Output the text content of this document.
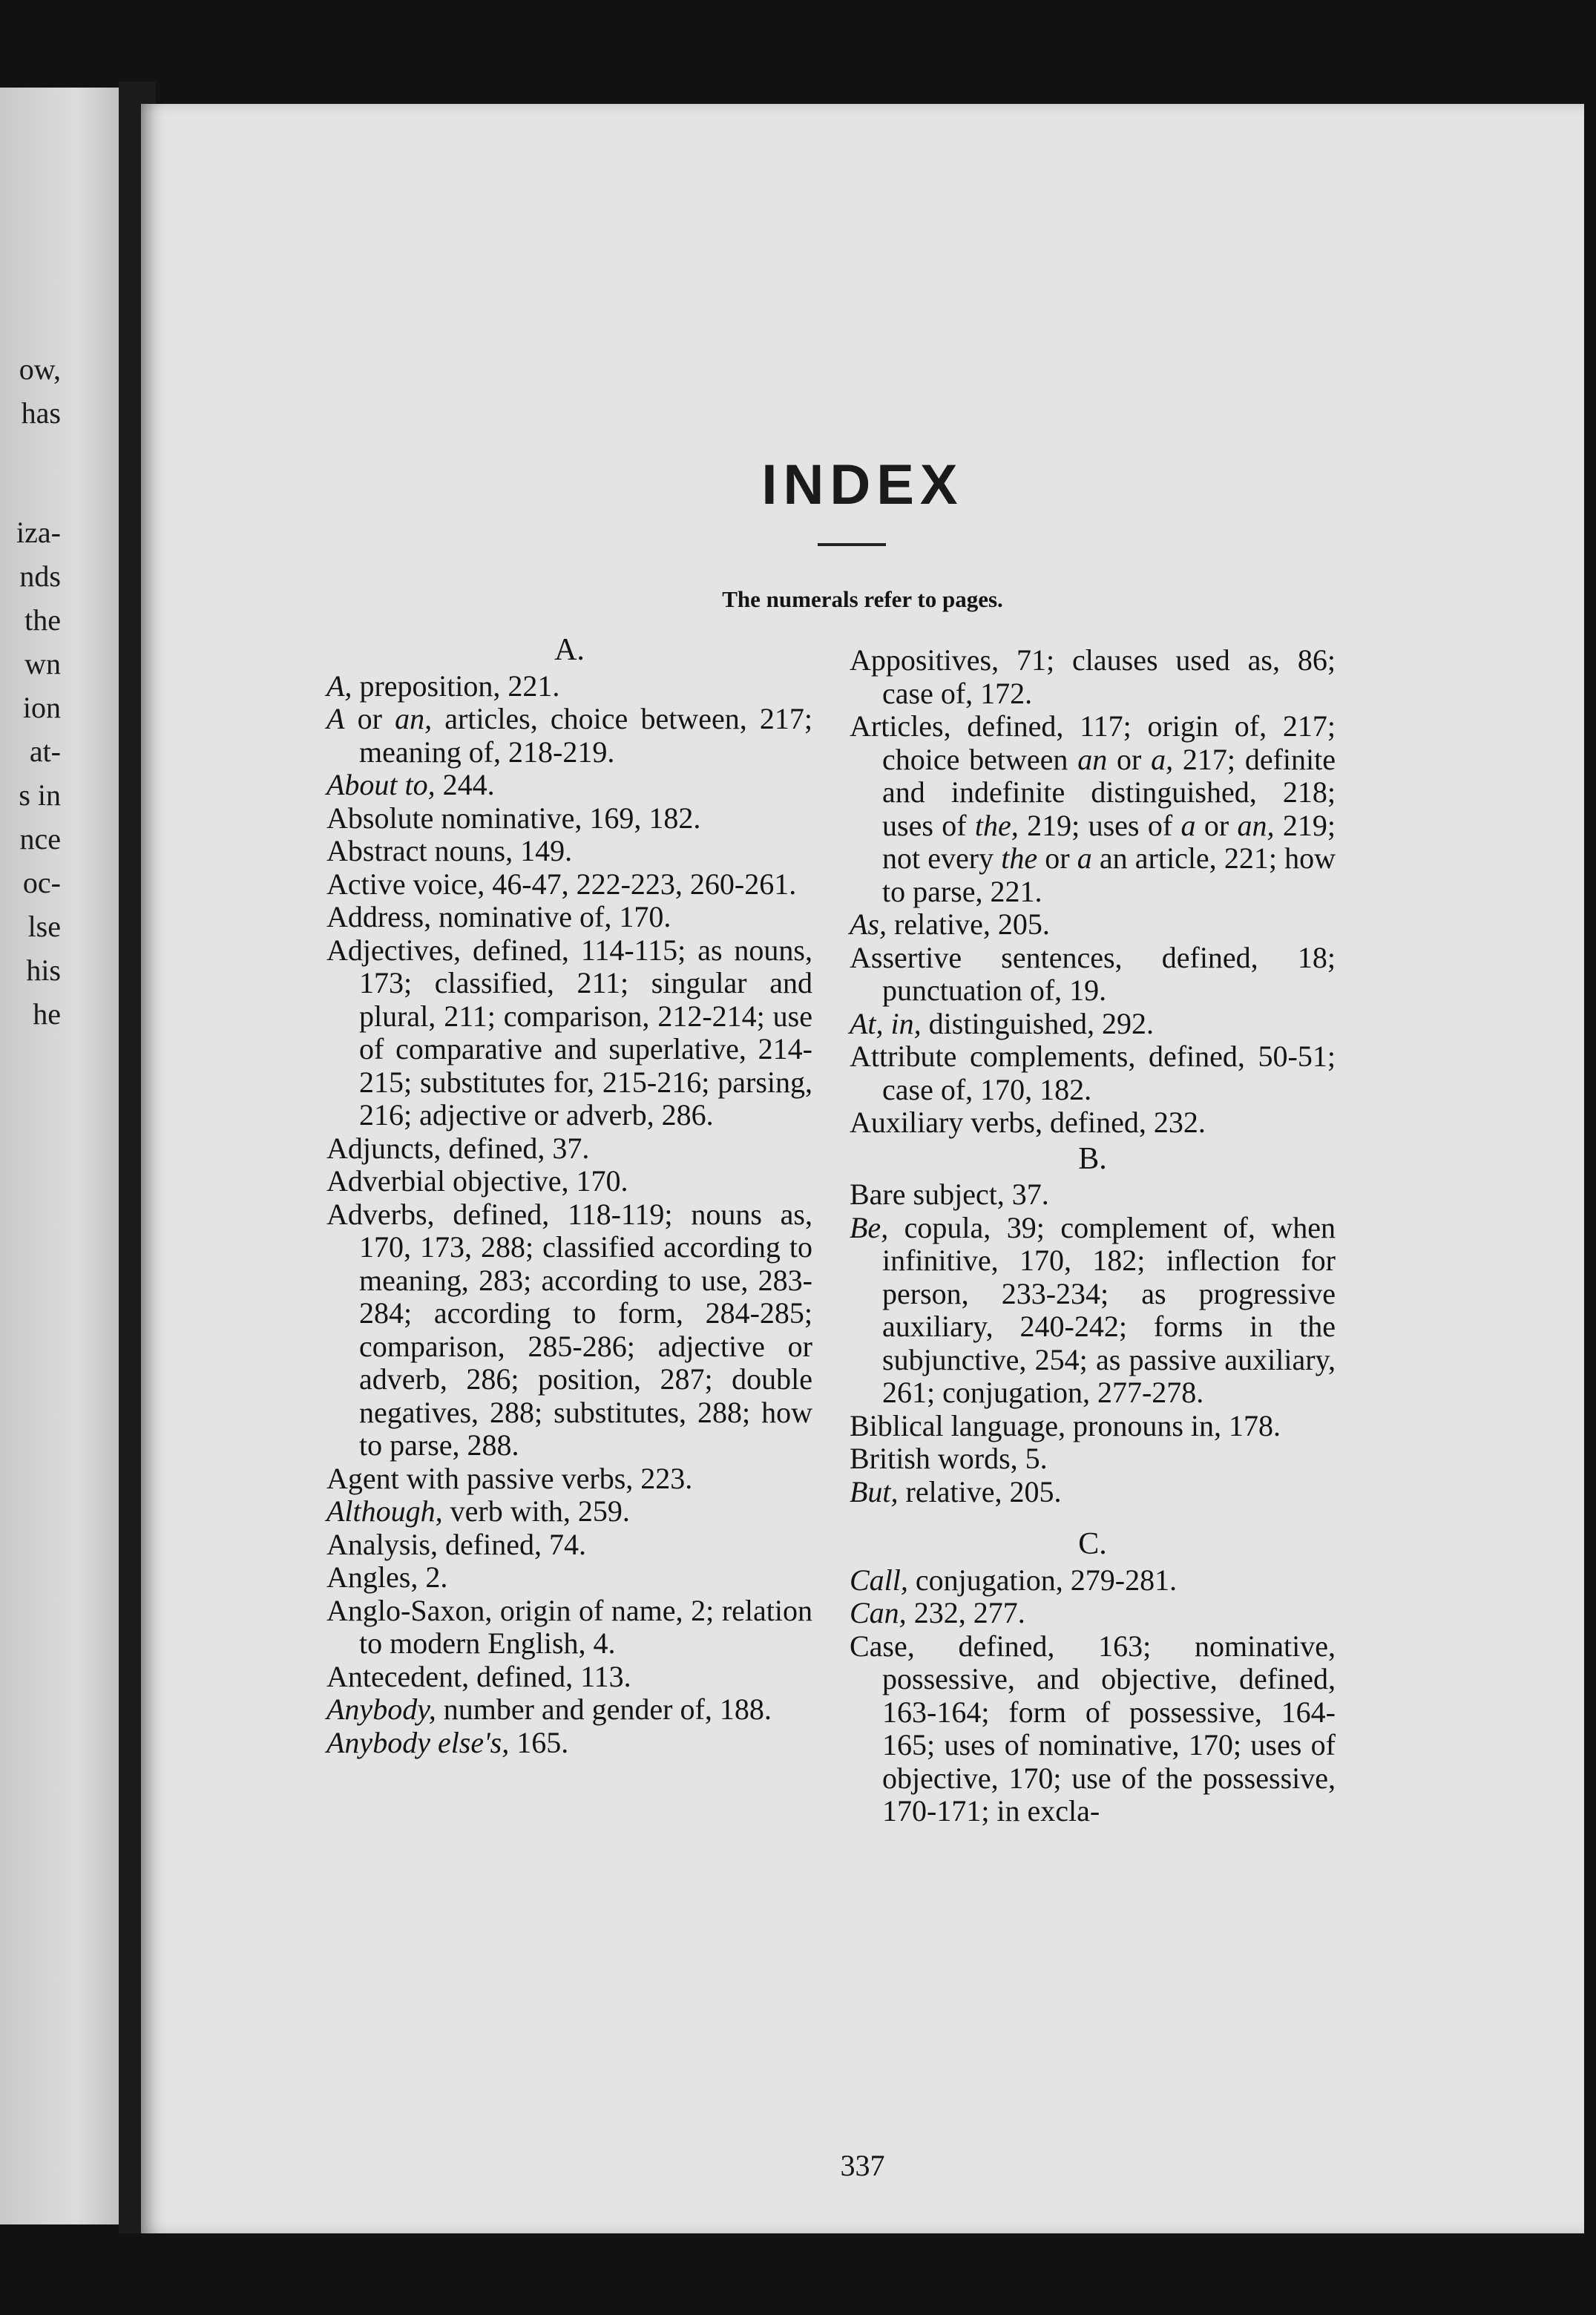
ow,
has
iza-
nds
the
wn
ion
at-
s in
nce
oc-
lse
his
he
INDEX
The numerals refer to pages.

A.

A, preposition, 221.

A or an, articles, choice between, 217; meaning of, 218-219.

About to, 244.

Absolute nominative, 169, 182.

Abstract nouns, 149.

Active voice, 46-47, 222-223, 260-261.

Address, nominative of, 170.

Adjectives, defined, 114-115; as nouns, 173; classified, 211; singular and plural, 211; comparison, 212-214; use of comparative and superlative, 214-215; substitutes for, 215-216; parsing, 216; adjective or adverb, 286.

Adjuncts, defined, 37.

Adverbial objective, 170.

Adverbs, defined, 118-119; nouns as, 170, 173, 288; classified according to meaning, 283; according to use, 283-284; according to form, 284-285; comparison, 285-286; adjective or adverb, 286; position, 287; double negatives, 288; substitutes, 288; how to parse, 288.

Agent with passive verbs, 223.

Although, verb with, 259.

Analysis, defined, 74.

Angles, 2.

Anglo-Saxon, origin of name, 2; relation to modern English, 4.

Antecedent, defined, 113.

Anybody, number and gender of, 188.

Anybody else's, 165.

Appositives, 71; clauses used as, 86; case of, 172.

Articles, defined, 117; origin of, 217; choice between an or a, 217; definite and indefinite distinguished, 218; uses of the, 219; uses of a or an, 219; not every the or a an article, 221; how to parse, 221.

As, relative, 205.

Assertive sentences, defined, 18; punctuation of, 19.

At, in, distinguished, 292.

Attribute complements, defined, 50-51; case of, 170, 182.

Auxiliary verbs, defined, 232.

B.

Bare subject, 37.

Be, copula, 39; complement of, when infinitive, 170, 182; inflection for person, 233-234; as progressive auxiliary, 240-242; forms in the subjunctive, 254; as passive auxiliary, 261; conjugation, 277-278.

Biblical language, pronouns in, 178.

British words, 5.

But, relative, 205.

C.

Call, conjugation, 279-281.

Can, 232, 277.

Case, defined, 163; nominative, possessive, and objective, defined, 163-164; form of possessive, 164-165; uses of nominative, 170; uses of objective, 170; use of the possessive, 170-171; in excla-

337
